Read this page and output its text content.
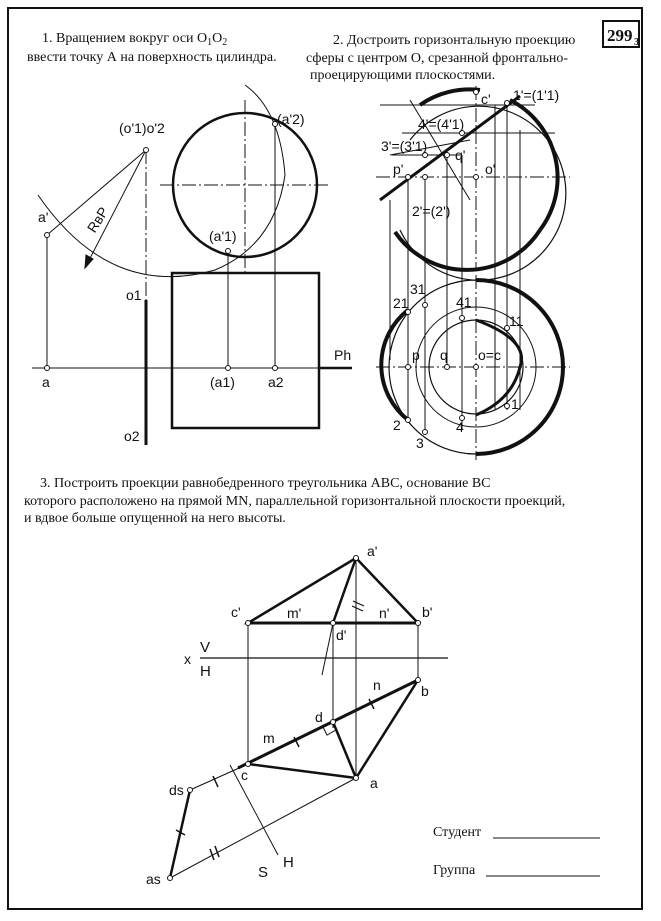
299 3
1. Вращением вокруг оси $O_1O_2$
ввести точку А на поверхность цилиндра.
2. Достроить горизонтальную проекцию
сферы с центром О, срезанной фронтально-
проецирующими плоскостями.
(o'1)o'2
a'	RвР
(a'1)
(a'2)
o1
o2
a	(a1) a2
Ph
c' 1'=(1'1)
4'=(4'1)
3'=(3'1)
q'
p'	o'
2'=(2')
31
41
21
11
p q o=c
1
2
3
4
3. Построить проекции равнобедренного треугольника АВС, основание ВС
которого расположено на прямой MN, параллельной горизонтальной плоскости проекций,
и вдвое больше опущенной на него высоты.
a'
c'	m'	n' b'
d'
x
V
H
n	b
d
m
c	a
ds
as	S
H
Студент
Группа
